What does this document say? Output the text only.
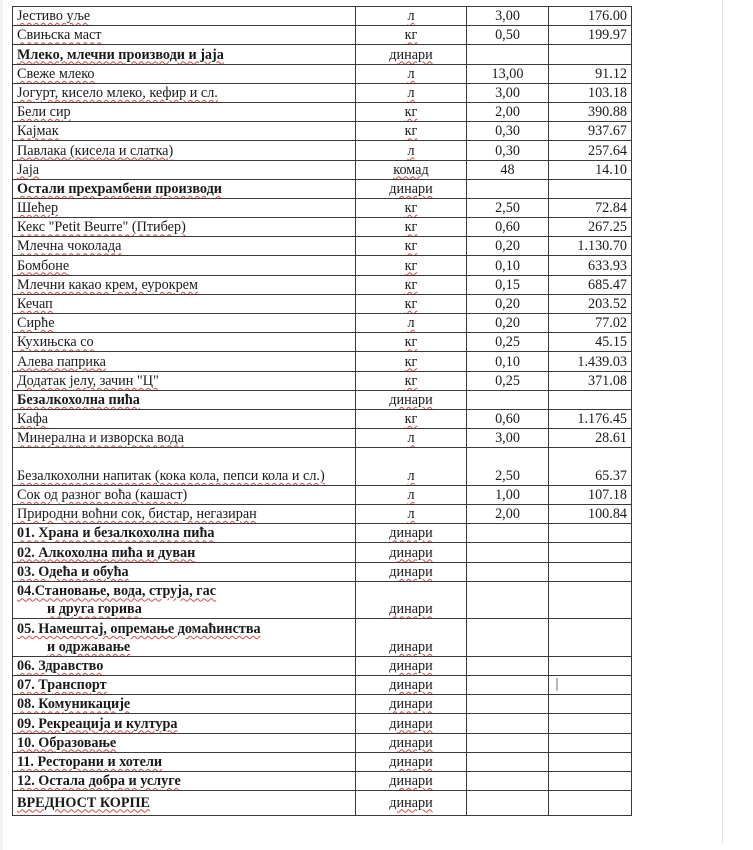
Јестиво уље	л	3,00	176.00	
Свињска маст	кг	0,50	199.97	
Млеко, млечни производи и јаја	динари			
Свеже млеко	л	13,00	91.12	
Јогурт, кисело млеко, кефир и сл.	л	3,00	103.18	
Бели сир	кг	2,00	390.88	
Кајмак	кг	0,30	937.67	
Павлака (кисела и слатка)	л	0,30	257.64	
Јаја	комад	48	14.10	
Остали прехрамбени производи	динари			
Шећер	кг	2,50	72.84	
Кекс "Petit Beurre" (Птибер)	кг	0,60	267.25	
Млечна чоколада	кг	0,20	1.130.70	
Бомбоне	кг	0,10	633.93	
Млечни какао крем, еурокрем	кг	0,15	685.47	
Кечап	кг	0,20	203.52	
Сирће	л	0,20	77.02	
Кухињска со	кг	0,25	45.15	
Алева паприка	кг	0,10	1.439.03	
Додатак јелу, зачин "Ц"	кг	0,25	371.08	
Безалкохолна пића	динари			
Кафа	кг	0,60	1.176.45	
Минерална и изворска вода	л	3,00	28.61	
Безалкохолни напитак (кока кола, пепси кола и сл.)	л	2,50	65.37	
Сок од разног воћа (кашаст)	л	1,00	107.18	
Природни воћни сок, бистар, негазиран	л	2,00	100.84	
01. Храна и безалкохолна пића	динари			
02. Алкохолна пића и дуван	динари			
03. Одећа и обућа	динари			
04.Становање, вода, струја, гас
и друга горива	динари			
05. Намештај, опремање домаћинства
и одржавање	динари			
06. Здравство	динари			
07. Транспорт	динари			
08. Комуникације	динари			
09. Рекреација и култура	динари			
10. Образовање	динари			
11. Ресторани и хотели	динари			
12. Остала добра и услуге	динари			
ВРЕДНОСТ КОРПЕ	динари			
